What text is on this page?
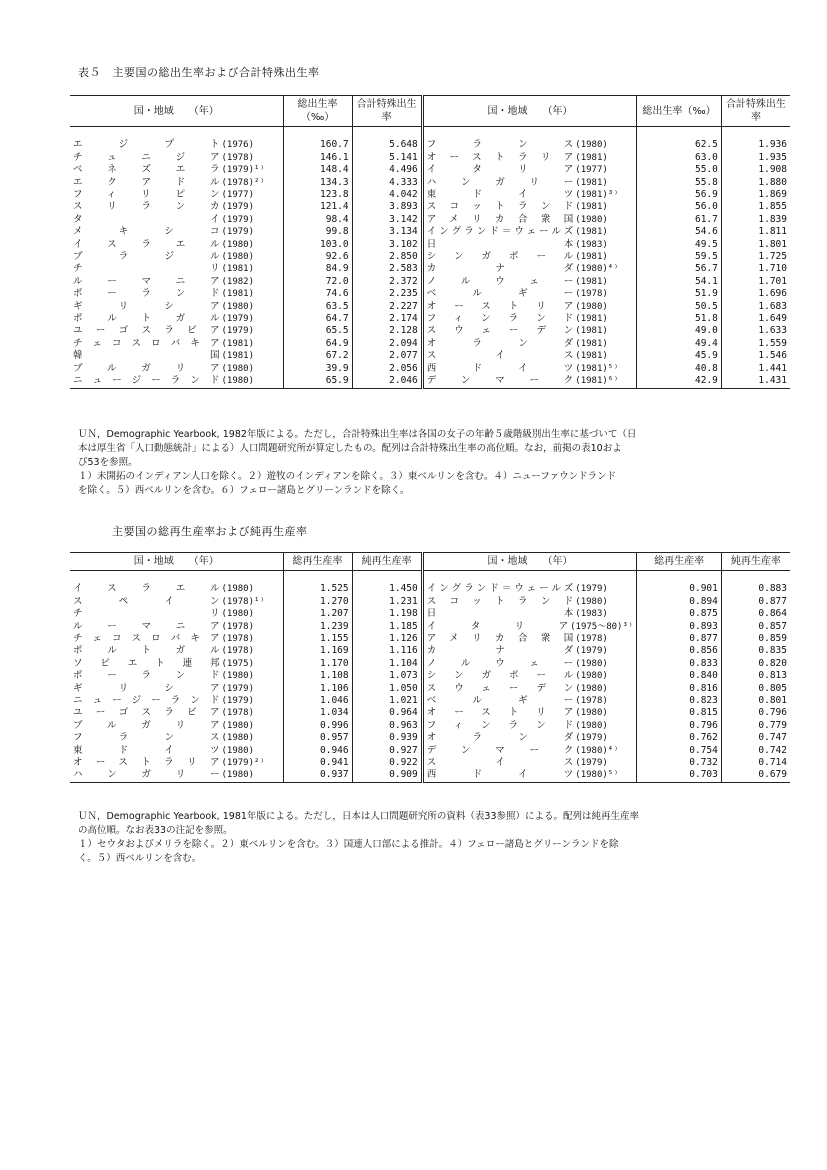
表５　主要国の総出生率および合計特殊出生率
国・地域　　（年）	総出生率（‰）	合計特殊出生率	国・地域　　（年）	総出生率（‰）	合計特殊出生率

エジプト (1976)	160.7	5.648	フランス (1980)	62.5	1.936

チュニジア (1978)	146.1	5.141	オーストラリア (1981)	63.0	1.935

ベネズエラ (1979)¹⁾	148.4	4.496	イタリア (1977)	55.0	1.908

エクアドル (1978)²⁾	134.3	4.333	ハンガリー (1981)	55.8	1.880

フィリピン (1977)	123.8	4.042	東ドイツ (1981)³⁾	56.9	1.869

スリランカ (1979)	121.4	3.893	スコットランド (1981)	56.0	1.855

タイ (1979)	98.4	3.142	アメリカ合衆国 (1980)	61.7	1.839

メキシコ (1979)	99.8	3.134	イングランド＝ウェールズ (1981)	54.6	1.811

イスラエル (1980)	103.0	3.102	日本 (1983)	49.5	1.801

ブラジル (1980)	92.6	2.850	シンガポール (1981)	59.5	1.725

チリ (1981)	84.9	2.583	カナダ (1980)⁴⁾	56.7	1.710

ルーマニア (1982)	72.0	2.372	ノルウェー (1981)	54.1	1.701

ポーランド (1981)	74.6	2.235	ベルギー (1978)	51.9	1.696

ギリシア (1980)	63.5	2.227	オーストリア (1980)	50.5	1.683

ポルトガル (1979)	64.7	2.174	フィンランド (1981)	51.8	1.649

ユーゴスラビア (1979)	65.5	2.128	スウェーデン (1981)	49.0	1.633

チェコスロバキア (1981)	64.9	2.094	オランダ (1981)	49.4	1.559

韓国 (1981)	67.2	2.077	スイス (1981)	45.9	1.546

ブルガリア (1980)	39.9	2.056	西ドイツ (1981)⁵⁾	40.8	1.441

ニュージーランド (1980)	65.9	2.046	デンマーク (1981)⁶⁾	42.9	1.431
ＵＮ，Demographic Yearbook, 1982年版による。ただし，合計特殊出生率は各国の女子の年齢５歳階級別出生率に基づいて（日
本は厚生省「人口動態統計」による）人口問題研究所が算定したもの。配列は合計特殊出生率の高位順。なお，前掲の表10およ
び53を参照。
１）未開拓のインディアン人口を除く。２）遊牧のインディアンを除く。３）東ベルリンを含む。４）ニューファウンドランド
を除く。５）西ベルリンを含む。６）フェロー諸島とグリーンランドを除く。
主要国の総再生産率および純再生産率
国・地域　　（年）	総再生産率	純再生産率	国・地域　　（年）	総再生産率	純再生産率

イスラエル (1980)	1.525	1.450	イングランド＝ウェールズ (1979)	0.901	0.883

スペイン (1978)¹⁾	1.270	1.231	スコットランド (1980)	0.894	0.877

チリ (1980)	1.207	1.198	日本 (1983)	0.875	0.864

ルーマニア (1978)	1.239	1.185	イタリア (1975〜80)³⁾	0.893	0.857

チェコスロバキア (1978)	1.155	1.126	アメリカ合衆国 (1978)	0.877	0.859

ポルトガル (1978)	1.169	1.116	カナダ (1979)	0.856	0.835

ソビエト連邦 (1975)	1.170	1.104	ノルウェー (1980)	0.833	0.820

ポーランド (1980)	1.108	1.073	シンガポール (1980)	0.840	0.813

ギリシア (1979)	1.106	1.050	スウェーデン (1980)	0.816	0.805

ニュージーランド (1979)	1.046	1.021	ベルギー (1978)	0.823	0.801

ユーゴスラビア (1978)	1.034	0.964	オーストリア (1980)	0.815	0.796

ブルガリア (1980)	0.996	0.963	フィンランド (1980)	0.796	0.779

フランス (1980)	0.957	0.939	オランダ (1979)	0.762	0.747

東ドイツ (1980)	0.946	0.927	デンマーク (1980)⁴⁾	0.754	0.742

オーストラリア (1979)²⁾	0.941	0.922	スイス (1979)	0.732	0.714

ハンガリー (1980)	0.937	0.909	西ドイツ (1980)⁵⁾	0.703	0.679
ＵＮ，Demographic Yearbook, 1981年版による。ただし，日本は人口問題研究所の資料（表33参照）による。配列は純再生産率
の高位順。なお表33の注記を参照。
１）セウタおよびメリラを除く。２）東ベルリンを含む。３）国連人口部による推計。４）フェロー諸島とグリーンランドを除
く。５）西ベルリンを含む。
